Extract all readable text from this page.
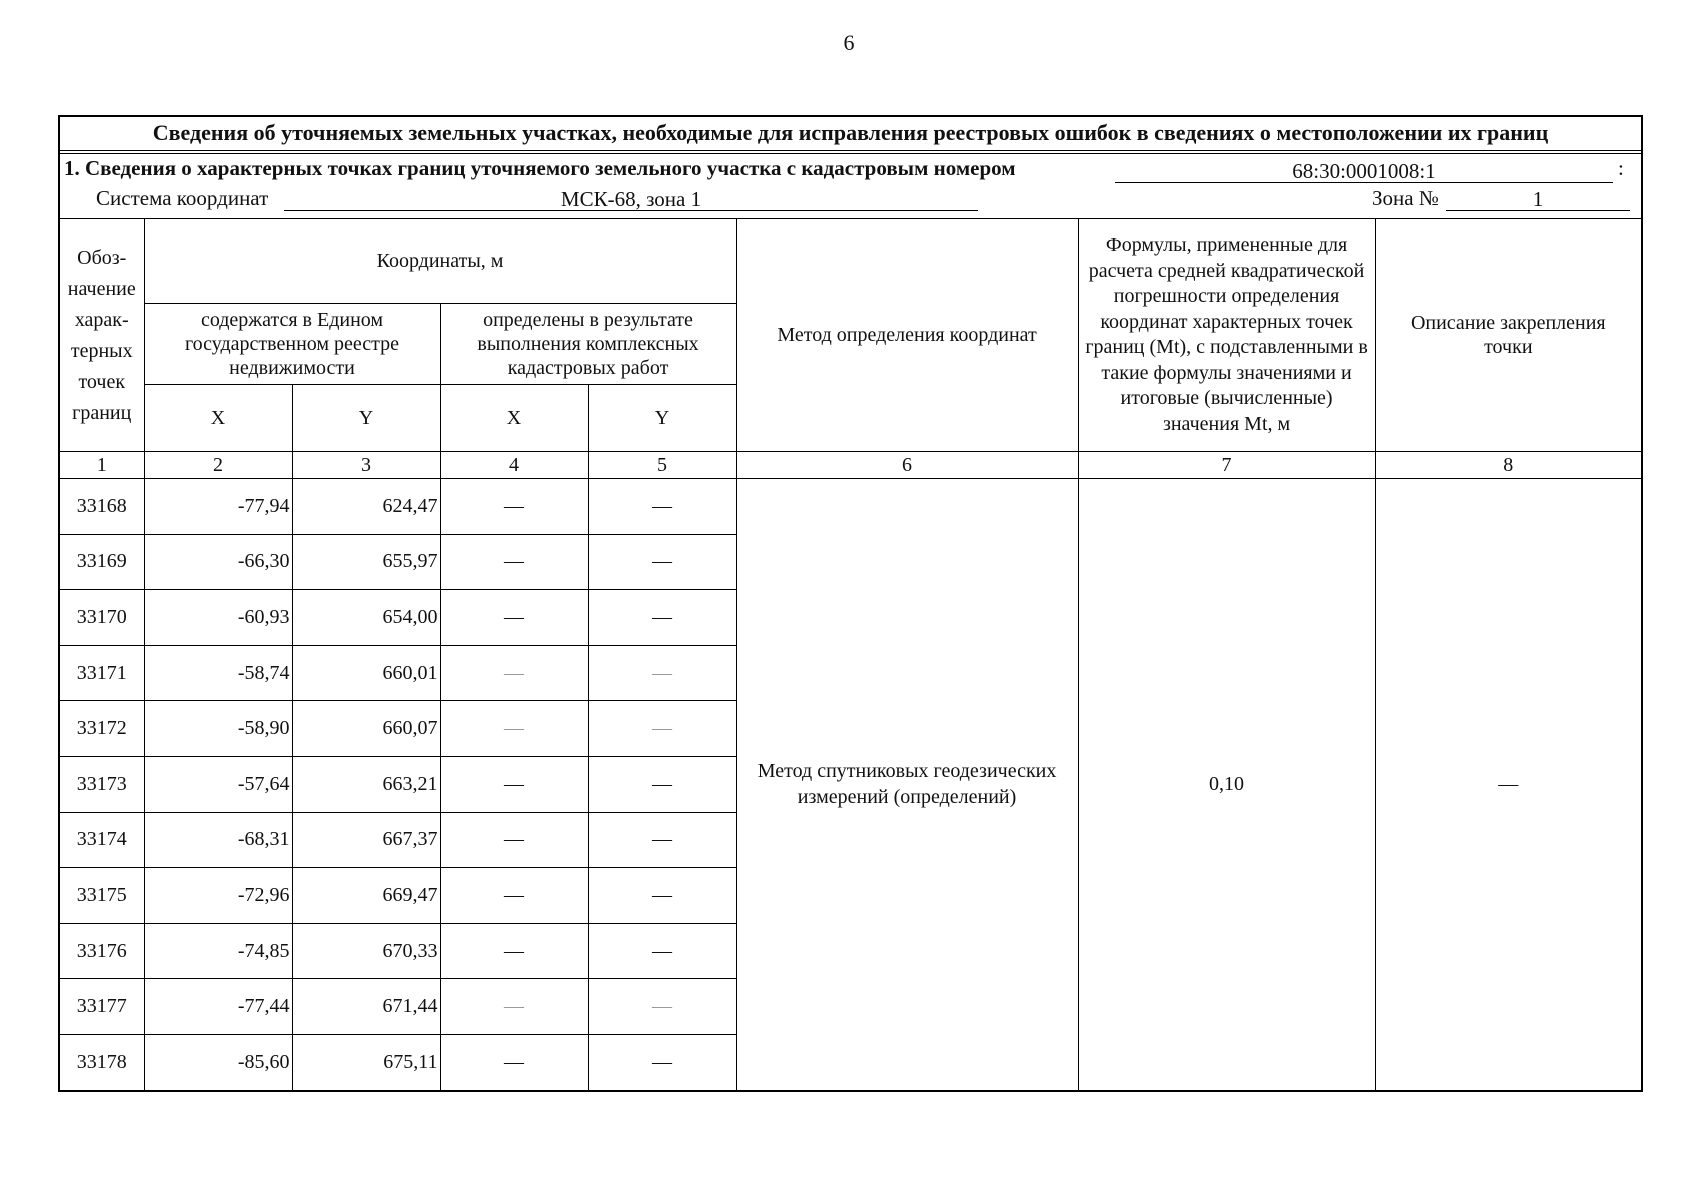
6
Сведения об уточняемых земельных участках, необходимые для исправления реестровых ошибок в сведениях о местоположении их границ
1. Сведения о характерных точках границ уточняемого земельного участка с кадастровым номером	68:30:0001008:1	:
Система координат	МСК-68, зона 1	Зона №	1
Обоз-начение харак-терных точек границ	Координаты, м				Метод определения координат	Формулы, примененные для расчета средней квадратической погрешности определения координат характерных точек границ (Mt), с подставленными в такие формулы значениями и итоговые (вычисленные) значения Mt, м	Описание закрепления точки
	содержатся в Едином государственном реестре недвижимости		определены в результате выполнения комплексных кадастровых работ				
	X	Y	X	Y			
1	2	3	4	5	6	7	8
33168	-77,94	624,47	—	—	Метод спутниковых геодезических измерений (определений)	0,10	—
33169	-66,30	655,97	—	—			
33170	-60,93	654,00	—	—			
33171	-58,74	660,01	—	—			
33172	-58,90	660,07	—	—			
33173	-57,64	663,21	—	—			
33174	-68,31	667,37	—	—			
33175	-72,96	669,47	—	—			
33176	-74,85	670,33	—	—			
33177	-77,44	671,44	—	—			
33178	-85,60	675,11	—	—			
